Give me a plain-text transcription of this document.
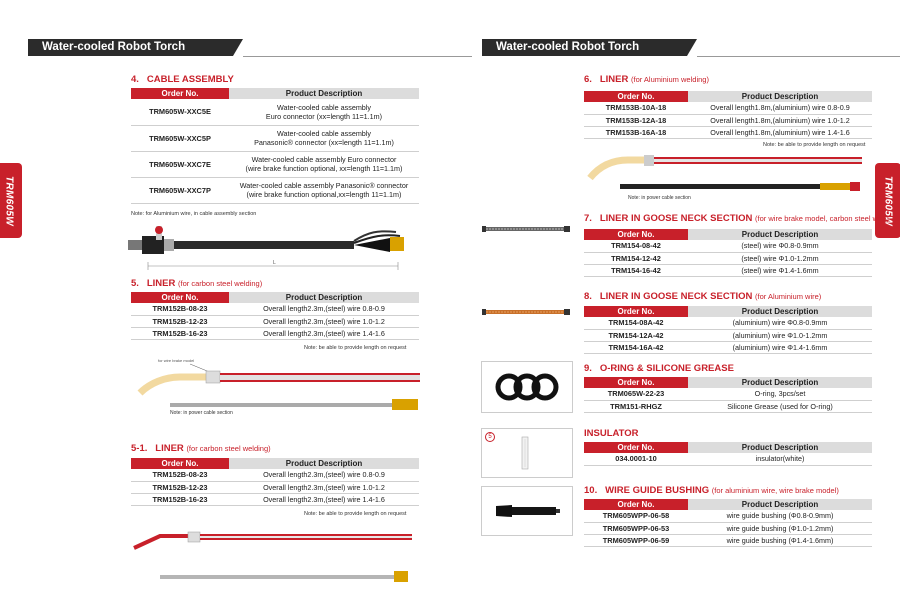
Water-cooled Robot Torch
TRM605W
4. CABLE ASSEMBLY
Order No.	Product Description
TRM605W-XXC5E	Water-cooled cable assembly
Euro connector (xx=length 11=1.1m)

TRM605W-XXC5P	Water-cooled cable assembly
Panasonic® connector (xx=length 11=1.1m)

TRM605W-XXC7E	Water-cooled cable assembly Euro connector
(wire brake function optional, xx=length 11=1.1m)

TRM605W-XXC7P	Water-cooled cable assembly Panasonic® connector
(wire brake function optional,xx=length 11=1.1m)
Note: for Aluminium wire, in cable assembly section
L
5. LINER (for carbon steel welding)
Order No.	Product Description
TRM152B-08-23	Overall length2.3m,(steel) wire 0.8-0.9
TRM152B-12-23	Overall length2.3m,(steel) wire 1.0-1.2
TRM152B-16-23	Overall length2.3m,(steel) wire 1.4-1.6
Note: be able to provide length on request
for wire brake model
Note: in power cable section
5-1. LINER (for carbon steel welding)
Order No.	Product Description
TRM152B-08-23	Overall length2.3m,(steel) wire 0.8-0.9
TRM152B-12-23	Overall length2.3m,(steel) wire 1.0-1.2
TRM152B-16-23	Overall length2.3m,(steel) wire 1.4-1.6
Note: be able to provide length on request
Water-cooled Robot Torch
TRM605W
6. LINER (for Aluminium welding)
Order No.	Product Description
TRM153B-10A-18	Overall length1.8m,(aluminium) wire 0.8-0.9
TRM153B-12A-18	Overall length1.8m,(aluminium) wire 1.0-1.2
TRM153B-16A-18	Overall length1.8m,(aluminium) wire 1.4-1.6
Note: be able to provide length on request
Note: in power cable section
7. LINER IN GOOSE NECK SECTION (for wire brake model, carbon steel wire)
Order No.	Product Description
TRM154-08-42	(steel) wire Φ0.8-0.9mm
TRM154-12-42	(steel) wire Φ1.0-1.2mm
TRM154-16-42	(steel) wire Φ1.4-1.6mm
8. LINER IN GOOSE NECK SECTION (for Aluminium wire)
Order No.	Product Description
TRM154-08A-42	(aluminium) wire Φ0.8-0.9mm
TRM154-12A-42	(aluminium) wire Φ1.0-1.2mm
TRM154-16A-42	(aluminium) wire Φ1.4-1.6mm
9. O-RING & SILICONE GREASE
Order No.	Product Description
TRM065W-22-23	O-ring, 3pcs/set
TRM151-RHGZ	Silicone Grease (used for O-ring)
5	INSULATOR
Order No.	Product Description
034.0001-10	insulator(white)
10. WIRE GUIDE BUSHING (for aluminium wire, wire brake model)
Order No.	Product Description
TRM605WPP-06-58	wire guide bushing (Φ0.8-0.9mm)
TRM605WPP-06-53	wire guide bushing (Φ1.0-1.2mm)
TRM605WPP-06-59	wire guide bushing (Φ1.4-1.6mm)
